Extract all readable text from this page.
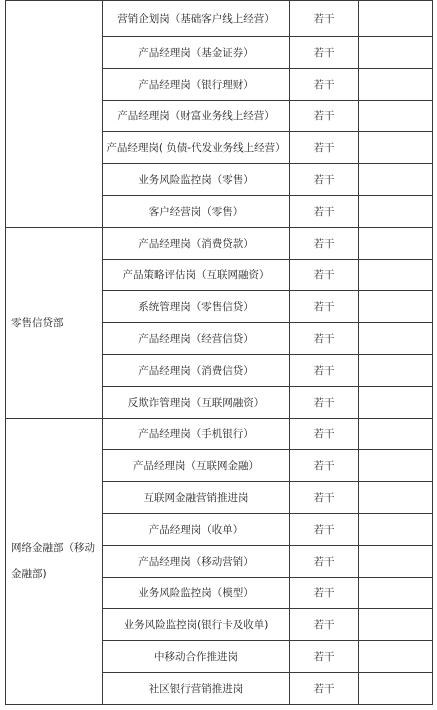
	营销企划岗（基础客户线上经营）	若干	
	产品经理岗（基金证券）	若干	
	产品经理岗（银行理财）	若干	
	产品经理岗（财富业务线上经营）	若干	
	产品经理岗( 负债-代发业务线上经营）	若干	
	业务风险监控岗（零售）	若干	
	客户经营岗（零售）	若干	
零售信贷部	产品经理岗（消费贷款）	若干	
	产品策略评估岗（互联网融资）	若干	
	系统管理岗（零售信贷）	若干	
	产品经理岗（经营信贷）	若干	
	产品经理岗（消费信贷）	若干	
	反欺诈管理岗（互联网融资）	若干	
网络金融部（移动金融部)	产品经理岗（手机银行）	若干	
	产品经理岗（互联网金融）	若干	
	互联网金融营销推进岗	若干	
	产品经理岗（收单）	若干	
	产品经理岗（移动营销）	若干	
	业务风险监控岗（模型）	若干	
	业务风险监控岗(银行卡及收单)	若干	
	中移动合作推进岗	若干	
	社区银行营销推进岗	若干	
